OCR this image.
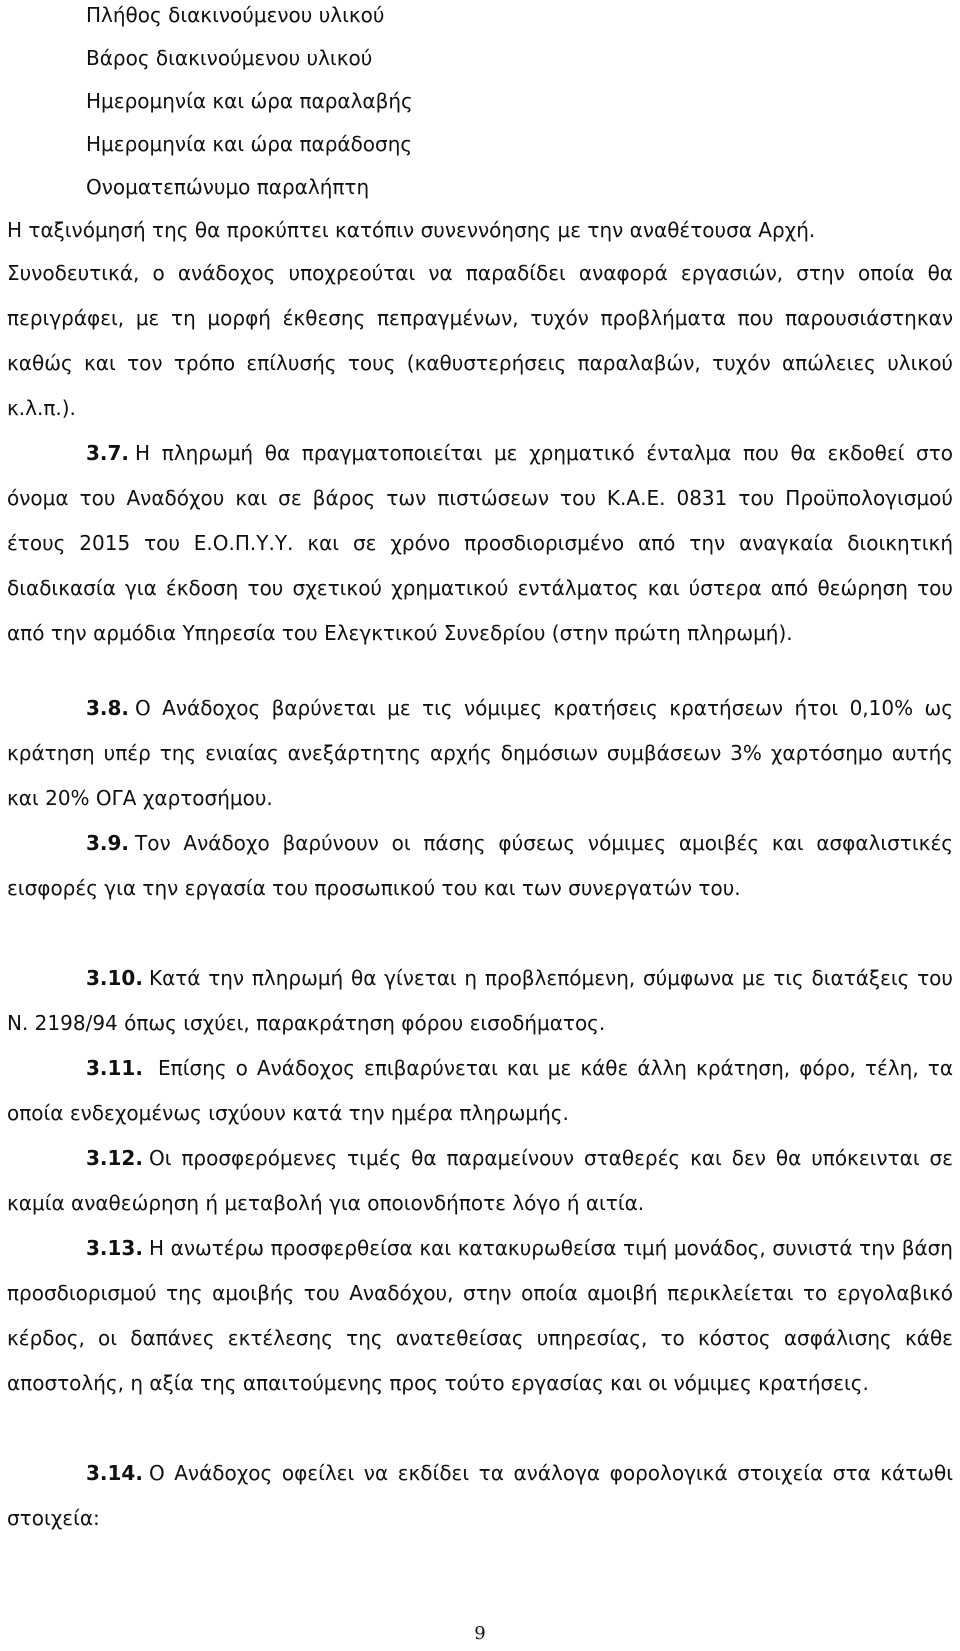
Πλήθος διακινούμενου υλικού
Βάρος διακινούμενου υλικού
Ημερομηνία και ώρα παραλαβής
Ημερομηνία και ώρα παράδοσης
Ονοματεπώνυμο παραλήπτη
Η ταξινόμησή της θα προκύπτει κατόπιν συνεννόησης με την αναθέτουσα Αρχή.

Συνοδευτικά, ο ανάδοχος υποχρεούται να παραδίδει αναφορά εργασιών, στην οποία θα περιγράφει, με τη μορφή έκθεσης πεπραγμένων, τυχόν προβλήματα που παρουσιάστηκαν καθώς και τον τρόπο επίλυσής τους (καθυστερήσεις παραλαβών, τυχόν απώλειες υλικού κ.λ.π.).

3.7. Η πληρωμή θα πραγματοποιείται με χρηματικό ένταλμα που θα εκδοθεί στο όνομα του Αναδόχου και σε βάρος των πιστώσεων του Κ.Α.Ε. 0831 του Προϋπολογισμού έτους 2015 του Ε.Ο.Π.Υ.Υ. και σε χρόνο προσδιορισμένο από την αναγκαία διοικητική διαδικασία για έκδοση του σχετικού χρηματικού εντάλματος και ύστερα από θεώρηση του από την αρμόδια Υπηρεσία του Ελεγκτικού Συνεδρίου (στην πρώτη πληρωμή).

3.8. Ο Ανάδοχος βαρύνεται με τις νόμιμες κρατήσεις κρατήσεων ήτοι 0,10% ως κράτηση υπέρ της ενιαίας ανεξάρτητης αρχής δημόσιων συμβάσεων 3% χαρτόσημο αυτής και 20% ΟΓΑ χαρτοσήμου.

3.9. Τον Ανάδοχο βαρύνουν οι πάσης φύσεως νόμιμες αμοιβές και ασφαλιστικές εισφορές για την εργασία του προσωπικού του και των συνεργατών του.

3.10. Κατά την πληρωμή θα γίνεται η προβλεπόμενη, σύμφωνα με τις διατάξεις του Ν. 2198/94 όπως ισχύει, παρακράτηση φόρου εισοδήματος.

3.11. Επίσης ο Ανάδοχος επιβαρύνεται και με κάθε άλλη κράτηση, φόρο, τέλη, τα οποία ενδεχομένως ισχύουν κατά την ημέρα πληρωμής.

3.12. Οι προσφερόμενες τιμές θα παραμείνουν σταθερές και δεν θα υπόκεινται σε καμία αναθεώρηση ή μεταβολή για οποιονδήποτε λόγο ή αιτία.

3.13. Η ανωτέρω προσφερθείσα και κατακυρωθείσα τιμή μονάδος, συνιστά την βάση προσδιορισμού της αμοιβής του Αναδόχου, στην οποία αμοιβή περικλείεται το εργολαβικό κέρδος, οι δαπάνες εκτέλεσης της ανατεθείσας υπηρεσίας, το κόστος ασφάλισης κάθε αποστολής, η αξία της απαιτούμενης προς τούτο εργασίας και οι νόμιμες κρατήσεις.

3.14. Ο Ανάδοχος οφείλει να εκδίδει τα ανάλογα φορολογικά στοιχεία στα κάτωθι στοιχεία:

9
